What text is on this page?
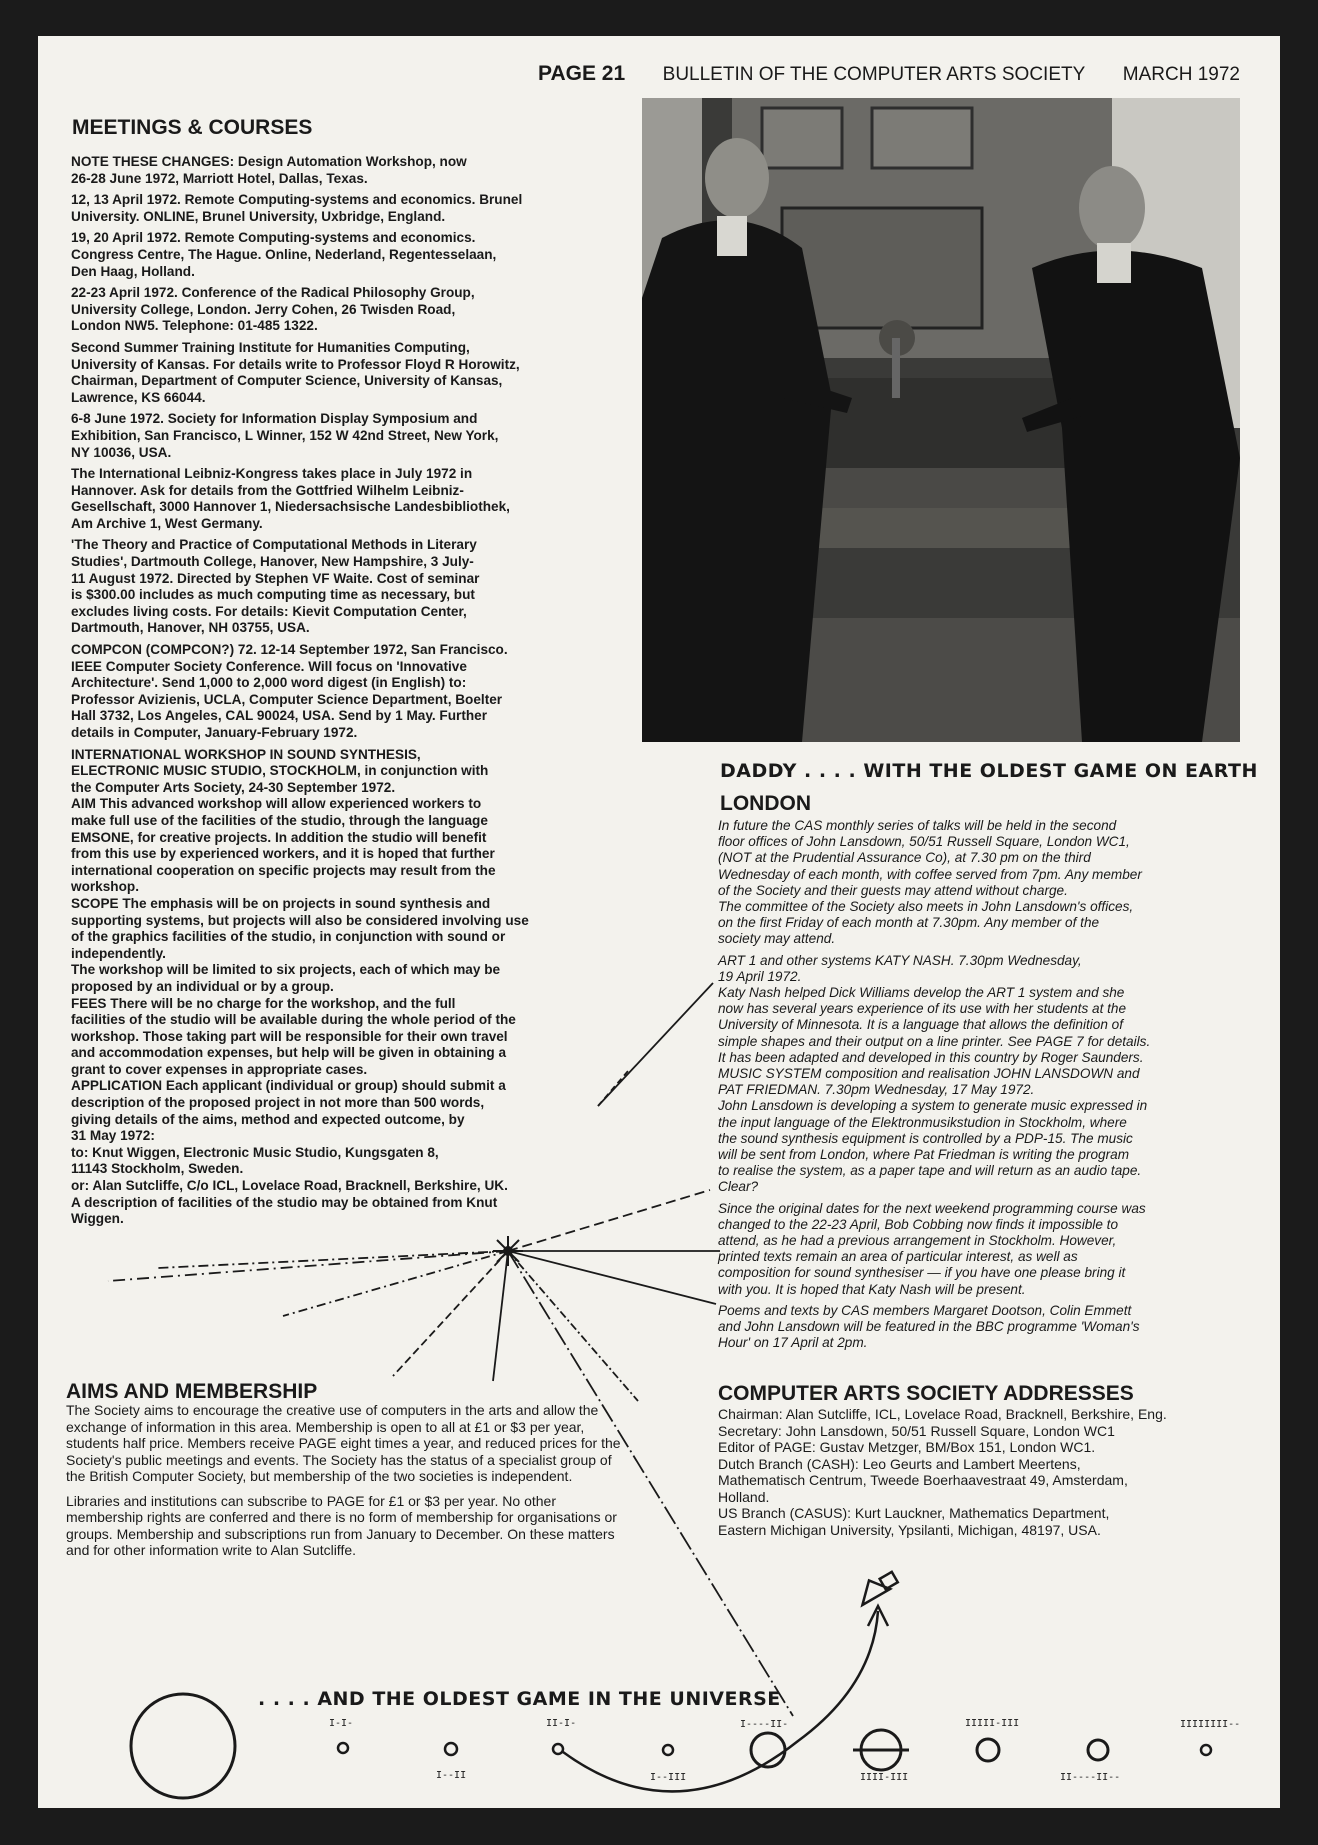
PAGE 21 BULLETIN OF THE COMPUTER ARTS SOCIETY MARCH 1972
MEETINGS & COURSES

NOTE THESE CHANGES: Design Automation Workshop, now
26-28 June 1972, Marriott Hotel, Dallas, Texas.

12, 13 April 1972. Remote Computing-systems and economics. Brunel
University. ONLINE, Brunel University, Uxbridge, England.

19, 20 April 1972. Remote Computing-systems and economics.
Congress Centre, The Hague. Online, Nederland, Regentesselaan,
Den Haag, Holland.

22-23 April 1972. Conference of the Radical Philosophy Group,
University College, London. Jerry Cohen, 26 Twisden Road,
London NW5. Telephone: 01-485 1322.

Second Summer Training Institute for Humanities Computing,
University of Kansas. For details write to Professor Floyd R Horowitz,
Chairman, Department of Computer Science, University of Kansas,
Lawrence, KS 66044.

6-8 June 1972. Society for Information Display Symposium and
Exhibition, San Francisco, L Winner, 152 W 42nd Street, New York,
NY 10036, USA.

The International Leibniz-Kongress takes place in July 1972 in
Hannover. Ask for details from the Gottfried Wilhelm Leibniz-
Gesellschaft, 3000 Hannover 1, Niedersachsische Landesbibliothek,
Am Archive 1, West Germany.

'The Theory and Practice of Computational Methods in Literary
Studies', Dartmouth College, Hanover, New Hampshire, 3 July-
11 August 1972. Directed by Stephen VF Waite. Cost of seminar
is $300.00 includes as much computing time as necessary, but
excludes living costs. For details: Kievit Computation Center,
Dartmouth, Hanover, NH 03755, USA.

COMPCON (COMPCON?) 72. 12-14 September 1972, San Francisco.
IEEE Computer Society Conference. Will focus on 'Innovative
Architecture'. Send 1,000 to 2,000 word digest (in English) to:
Professor Avizienis, UCLA, Computer Science Department, Boelter
Hall 3732, Los Angeles, CAL 90024, USA. Send by 1 May. Further
details in Computer, January-February 1972.

INTERNATIONAL WORKSHOP IN SOUND SYNTHESIS,
ELECTRONIC MUSIC STUDIO, STOCKHOLM, in conjunction with
the Computer Arts Society, 24-30 September 1972.
AIM This advanced workshop will allow experienced workers to
make full use of the facilities of the studio, through the language
EMSONE, for creative projects. In addition the studio will benefit
from this use by experienced workers, and it is hoped that further
international cooperation on specific projects may result from the
workshop.
SCOPE The emphasis will be on projects in sound synthesis and
supporting systems, but projects will also be considered involving use
of the graphics facilities of the studio, in conjunction with sound or
independently.
The workshop will be limited to six projects, each of which may be
proposed by an individual or by a group.
FEES There will be no charge for the workshop, and the full
facilities of the studio will be available during the whole period of the
workshop. Those taking part will be responsible for their own travel
and accommodation expenses, but help will be given in obtaining a
grant to cover expenses in appropriate cases.
APPLICATION Each applicant (individual or group) should submit a
description of the proposed project in not more than 500 words,
giving details of the aims, method and expected outcome, by
31 May 1972:
to: Knut Wiggen, Electronic Music Studio, Kungsgaten 8,
11143 Stockholm, Sweden.
or: Alan Sutcliffe, C/o ICL, Lovelace Road, Bracknell, Berkshire, UK.
A description of facilities of the studio may be obtained from Knut
Wiggen.

DADDY . . . . WITH THE OLDEST GAME ON EARTH
LONDON

In future the CAS monthly series of talks will be held in the second
floor offices of John Lansdown, 50/51 Russell Square, London WC1,
(NOT at the Prudential Assurance Co), at 7.30 pm on the third
Wednesday of each month, with coffee served from 7pm. Any member
of the Society and their guests may attend without charge.
The committee of the Society also meets in John Lansdown's offices,
on the first Friday of each month at 7.30pm. Any member of the
society may attend.

ART 1 and other systems KATY NASH. 7.30pm Wednesday,
19 April 1972.
Katy Nash helped Dick Williams develop the ART 1 system and she
now has several years experience of its use with her students at the
University of Minnesota. It is a language that allows the definition of
simple shapes and their output on a line printer. See PAGE 7 for details.
It has been adapted and developed in this country by Roger Saunders.
MUSIC SYSTEM composition and realisation JOHN LANSDOWN and
PAT FRIEDMAN. 7.30pm Wednesday, 17 May 1972.
John Lansdown is developing a system to generate music expressed in
the input language of the Elektronmusikstudion in Stockholm, where
the sound synthesis equipment is controlled by a PDP-15. The music
will be sent from London, where Pat Friedman is writing the program
to realise the system, as a paper tape and will return as an audio tape.
Clear?

Since the original dates for the next weekend programming course was
changed to the 22-23 April, Bob Cobbing now finds it impossible to
attend, as he had a previous arrangement in Stockholm. However,
printed texts remain an area of particular interest, as well as
composition for sound synthesiser — if you have one please bring it
with you. It is hoped that Katy Nash will be present.

Poems and texts by CAS members Margaret Dootson, Colin Emmett
and John Lansdown will be featured in the BBC programme 'Woman's
Hour' on 17 April at 2pm.

COMPUTER ARTS SOCIETY ADDRESSES
Chairman: Alan Sutcliffe, ICL, Lovelace Road, Bracknell, Berkshire, Eng.
Secretary: John Lansdown, 50/51 Russell Square, London WC1
Editor of PAGE: Gustav Metzger, BM/Box 151, London WC1.
Dutch Branch (CASH): Leo Geurts and Lambert Meertens,
Mathematisch Centrum, Tweede Boerhaavestraat 49, Amsterdam,
Holland.
US Branch (CASUS): Kurt Lauckner, Mathematics Department,
Eastern Michigan University, Ypsilanti, Michigan, 48197, USA.
AIMS AND MEMBERSHIP

The Society aims to encourage the creative use of computers in the arts and allow the exchange of information in this area. Membership is open to all at £1 or $3 per year, students half price. Members receive PAGE eight times a year, and reduced prices for the Society's public meetings and events. The Society has the status of a specialist group of the British Computer Society, but membership of the two societies is independent.

Libraries and institutions can subscribe to PAGE for £1 or $3 per year. No other membership rights are conferred and there is no form of membership for organisations or groups. Membership and subscriptions run from January to December. On these matters and for other information write to Alan Sutcliffe.

I-I-
I--II
II-I-
I--III
I----II-
IIII-III
IIIII-III
II----II--
IIIIIIII--
. . . . AND THE OLDEST GAME IN THE UNIVERSE
